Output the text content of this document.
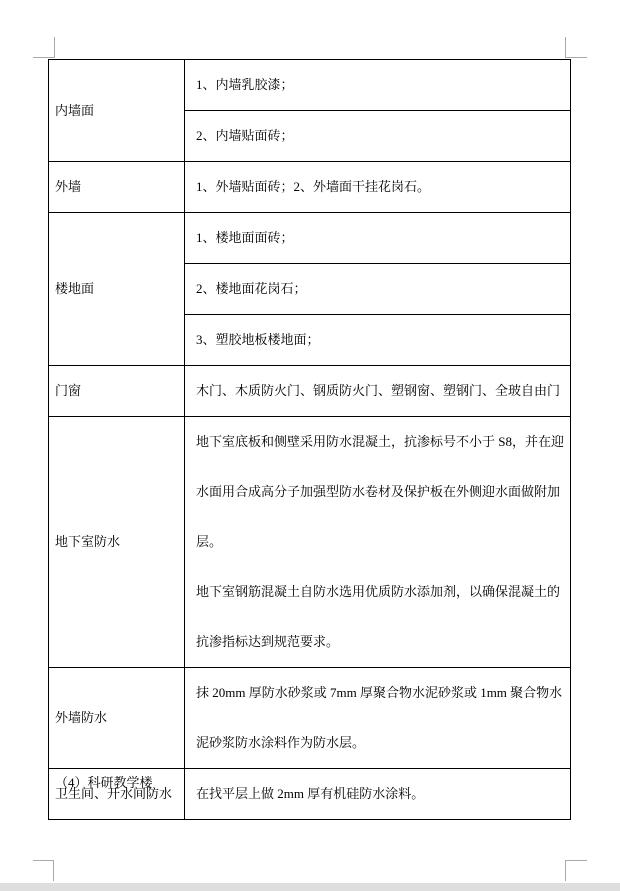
内墙面	1、内墙乳胶漆；
	2、内墙贴面砖；
外墙	1、外墙贴面砖；2、外墙面干挂花岗石。
楼地面	1、楼地面面砖；
	2、楼地面花岗石；
	3、塑胶地板楼地面；
门窗	木门、木质防火门、钢质防火门、塑钢窗、塑钢门、全玻自由门
地下室防水	地下室底板和侧壁采用防水混凝土，抗渗标号不小于 S8，并在迎水面用合成高分子加强型防水卷材及保护板在外侧迎水面做附加层。

地下室钢筋混凝土自防水选用优质防水添加剂，以确保混凝土的抗渗指标达到规范要求。

外墙防水	抹 20mm 厚防水砂浆或 7mm 厚聚合物水泥砂浆或 1mm 聚合物水泥砂浆防水涂料作为防水层。
卫生间、开水间防水	在找平层上做 2mm 厚有机硅防水涂料。

（4）科研教学楼
